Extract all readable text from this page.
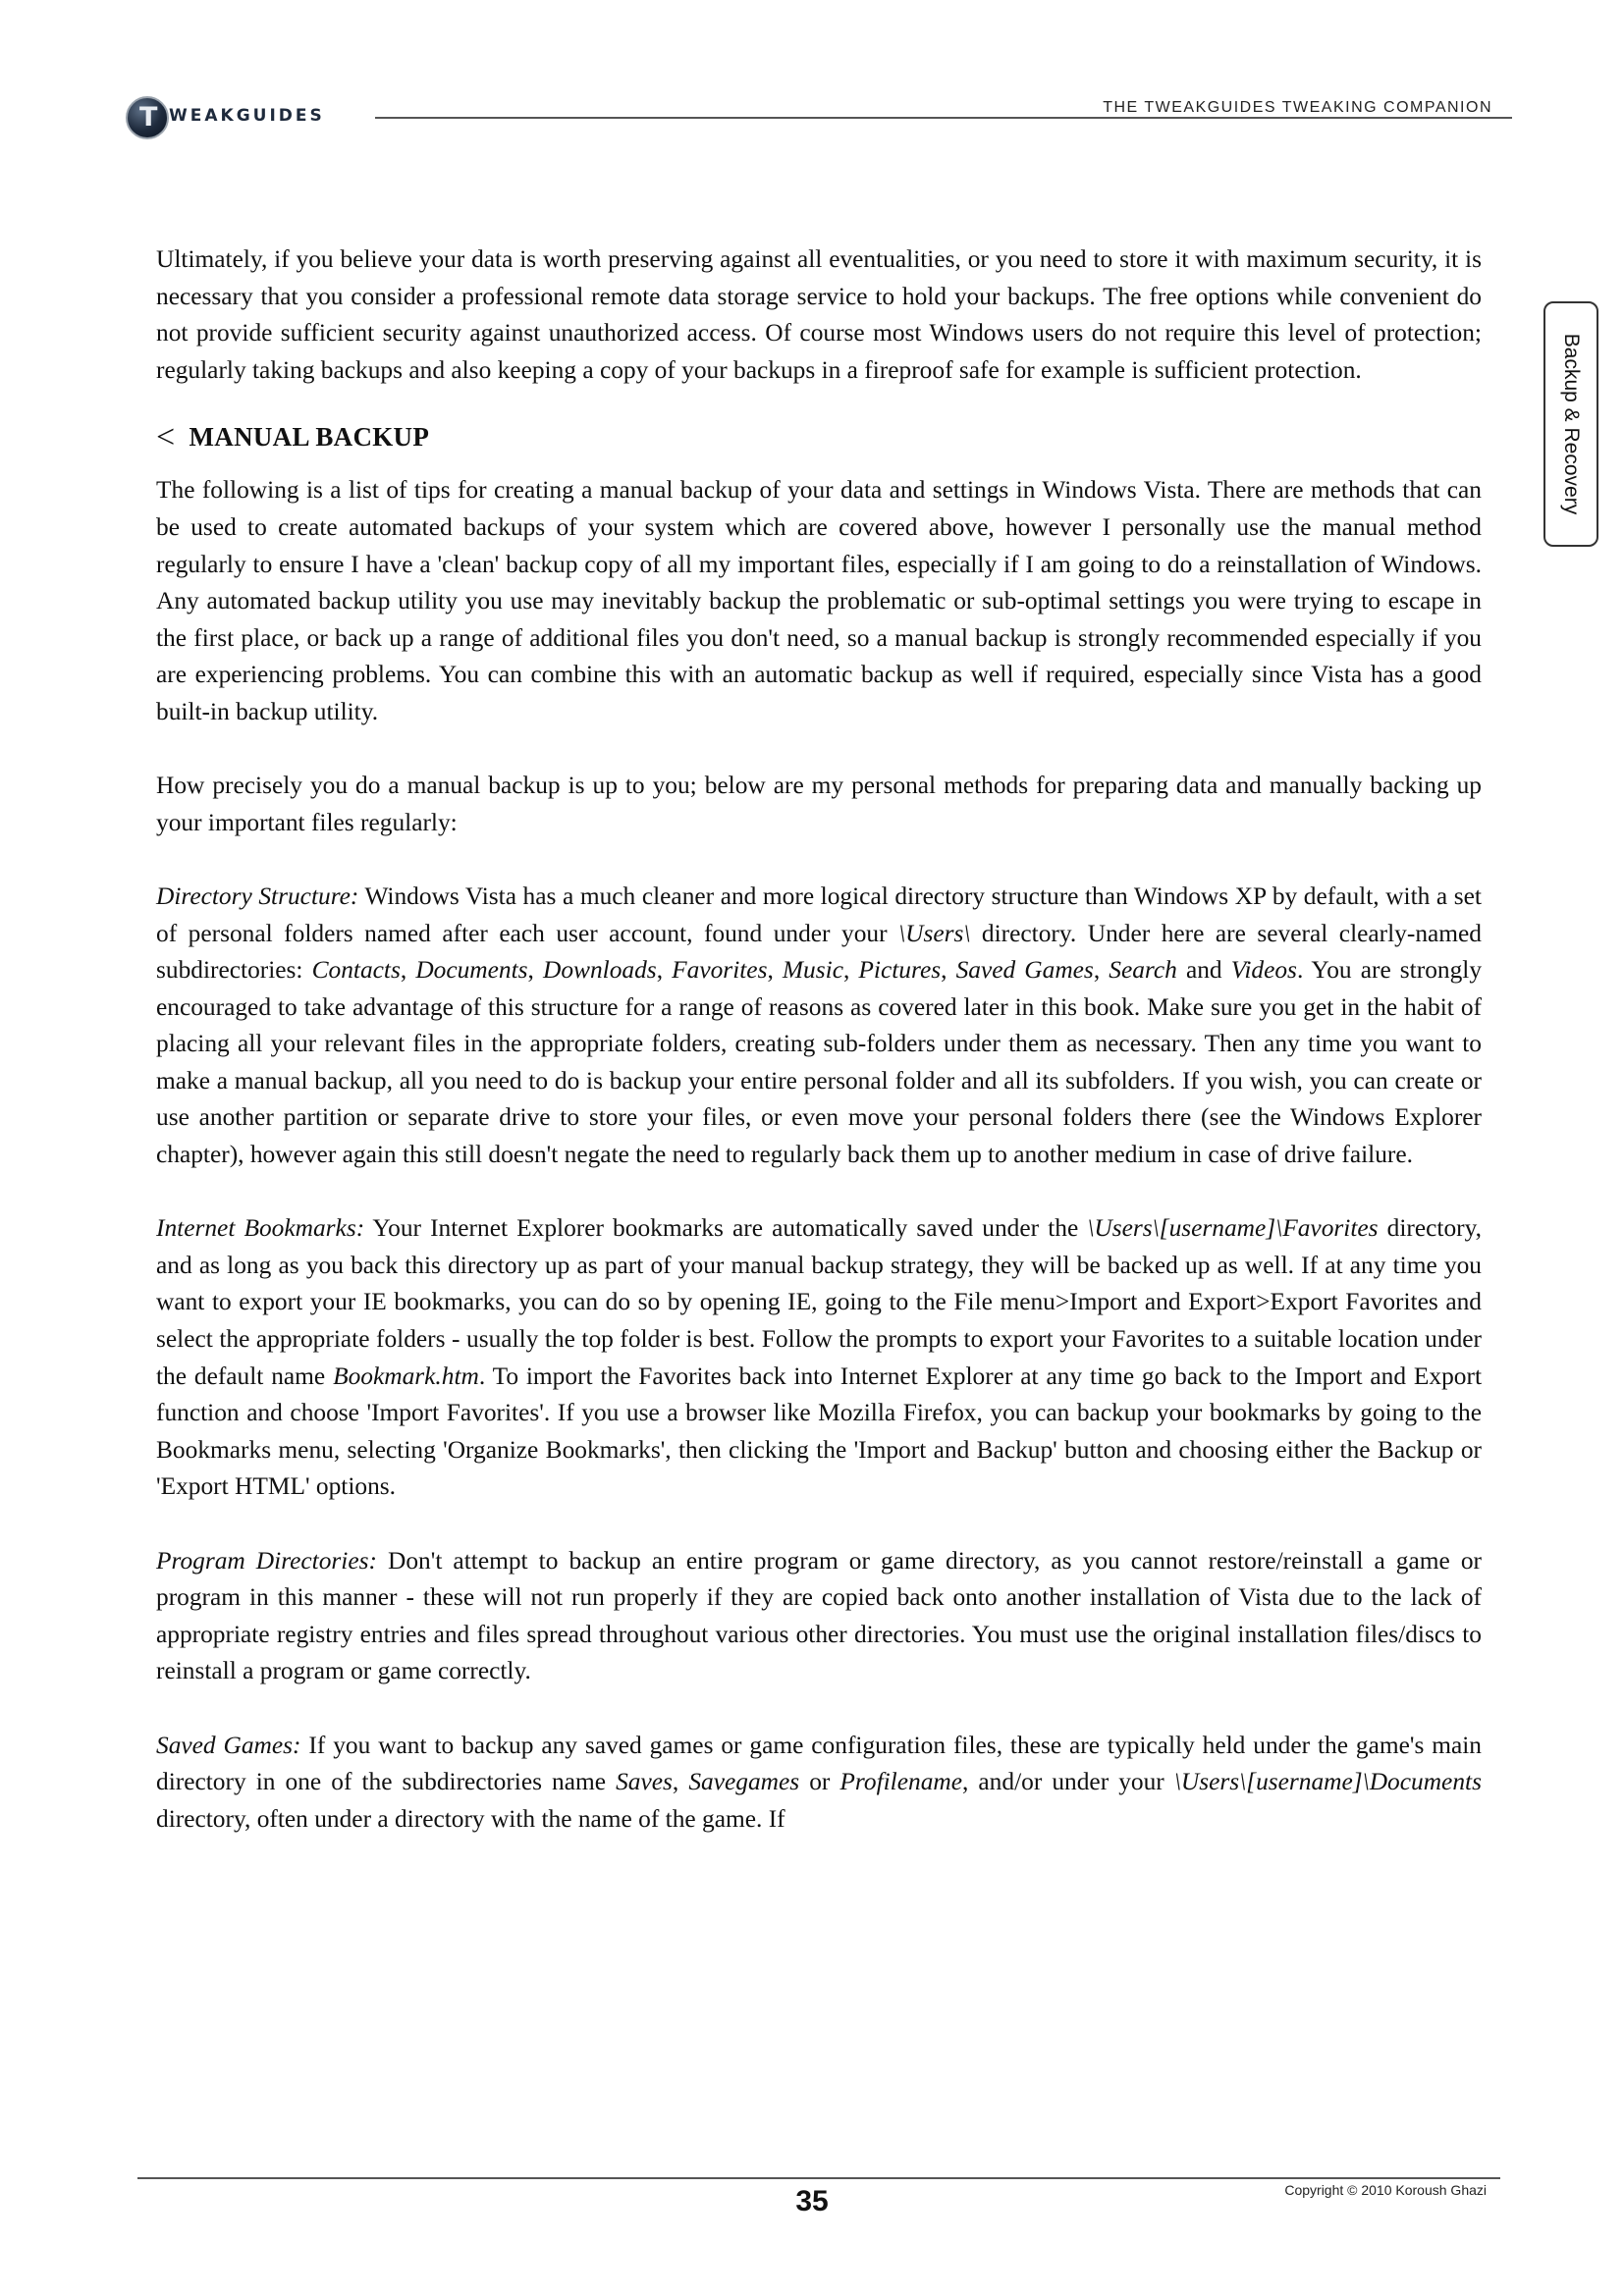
T
WEAKGUIDES	THE TWEAKGUIDES TWEAKING COMPANION
Backup & Recovery

Ultimately, if you believe your data is worth preserving against all eventualities, or you need to store it with maximum security, it is necessary that you consider a professional remote data storage service to hold your backups. The free options while convenient do not provide sufficient security against unauthorized access. Of course most Windows users do not require this level of protection; regularly taking backups and also keeping a copy of your backups in a fireproof safe for example is sufficient protection.

< MANUAL BACKUP

The following is a list of tips for creating a manual backup of your data and settings in Windows Vista. There are methods that can be used to create automated backups of your system which are covered above, however I personally use the manual method regularly to ensure I have a 'clean' backup copy of all my important files, especially if I am going to do a reinstallation of Windows. Any automated backup utility you use may inevitably backup the problematic or sub-optimal settings you were trying to escape in the first place, or back up a range of additional files you don't need, so a manual backup is strongly recommended especially if you are experiencing problems. You can combine this with an automatic backup as well if required, especially since Vista has a good built-in backup utility.

How precisely you do a manual backup is up to you; below are my personal methods for preparing data and manually backing up your important files regularly:

Directory Structure: Windows Vista has a much cleaner and more logical directory structure than Windows XP by default, with a set of personal folders named after each user account, found under your \Users\ directory. Under here are several clearly-named subdirectories: Contacts, Documents, Downloads, Favorites, Music, Pictures, Saved Games, Search and Videos. You are strongly encouraged to take advantage of this structure for a range of reasons as covered later in this book. Make sure you get in the habit of placing all your relevant files in the appropriate folders, creating sub-folders under them as necessary. Then any time you want to make a manual backup, all you need to do is backup your entire personal folder and all its subfolders. If you wish, you can create or use another partition or separate drive to store your files, or even move your personal folders there (see the Windows Explorer chapter), however again this still doesn't negate the need to regularly back them up to another medium in case of drive failure.

Internet Bookmarks: Your Internet Explorer bookmarks are automatically saved under the \Users\[username]\Favorites directory, and as long as you back this directory up as part of your manual backup strategy, they will be backed up as well. If at any time you want to export your IE bookmarks, you can do so by opening IE, going to the File menu>Import and Export>Export Favorites and select the appropriate folders - usually the top folder is best. Follow the prompts to export your Favorites to a suitable location under the default name Bookmark.htm. To import the Favorites back into Internet Explorer at any time go back to the Import and Export function and choose 'Import Favorites'. If you use a browser like Mozilla Firefox, you can backup your bookmarks by going to the Bookmarks menu, selecting 'Organize Bookmarks', then clicking the 'Import and Backup' button and choosing either the Backup or 'Export HTML' options.

Program Directories: Don't attempt to backup an entire program or game directory, as you cannot restore/reinstall a game or program in this manner - these will not run properly if they are copied back onto another installation of Vista due to the lack of appropriate registry entries and files spread throughout various other directories. You must use the original installation files/discs to reinstall a program or game correctly.

Saved Games: If you want to backup any saved games or game configuration files, these are typically held under the game's main directory in one of the subdirectories name Saves, Savegames or Profilename, and/or under your \Users\[username]\Documents directory, often under a directory with the name of the game. If

35	Copyright © 2010 Koroush Ghazi
